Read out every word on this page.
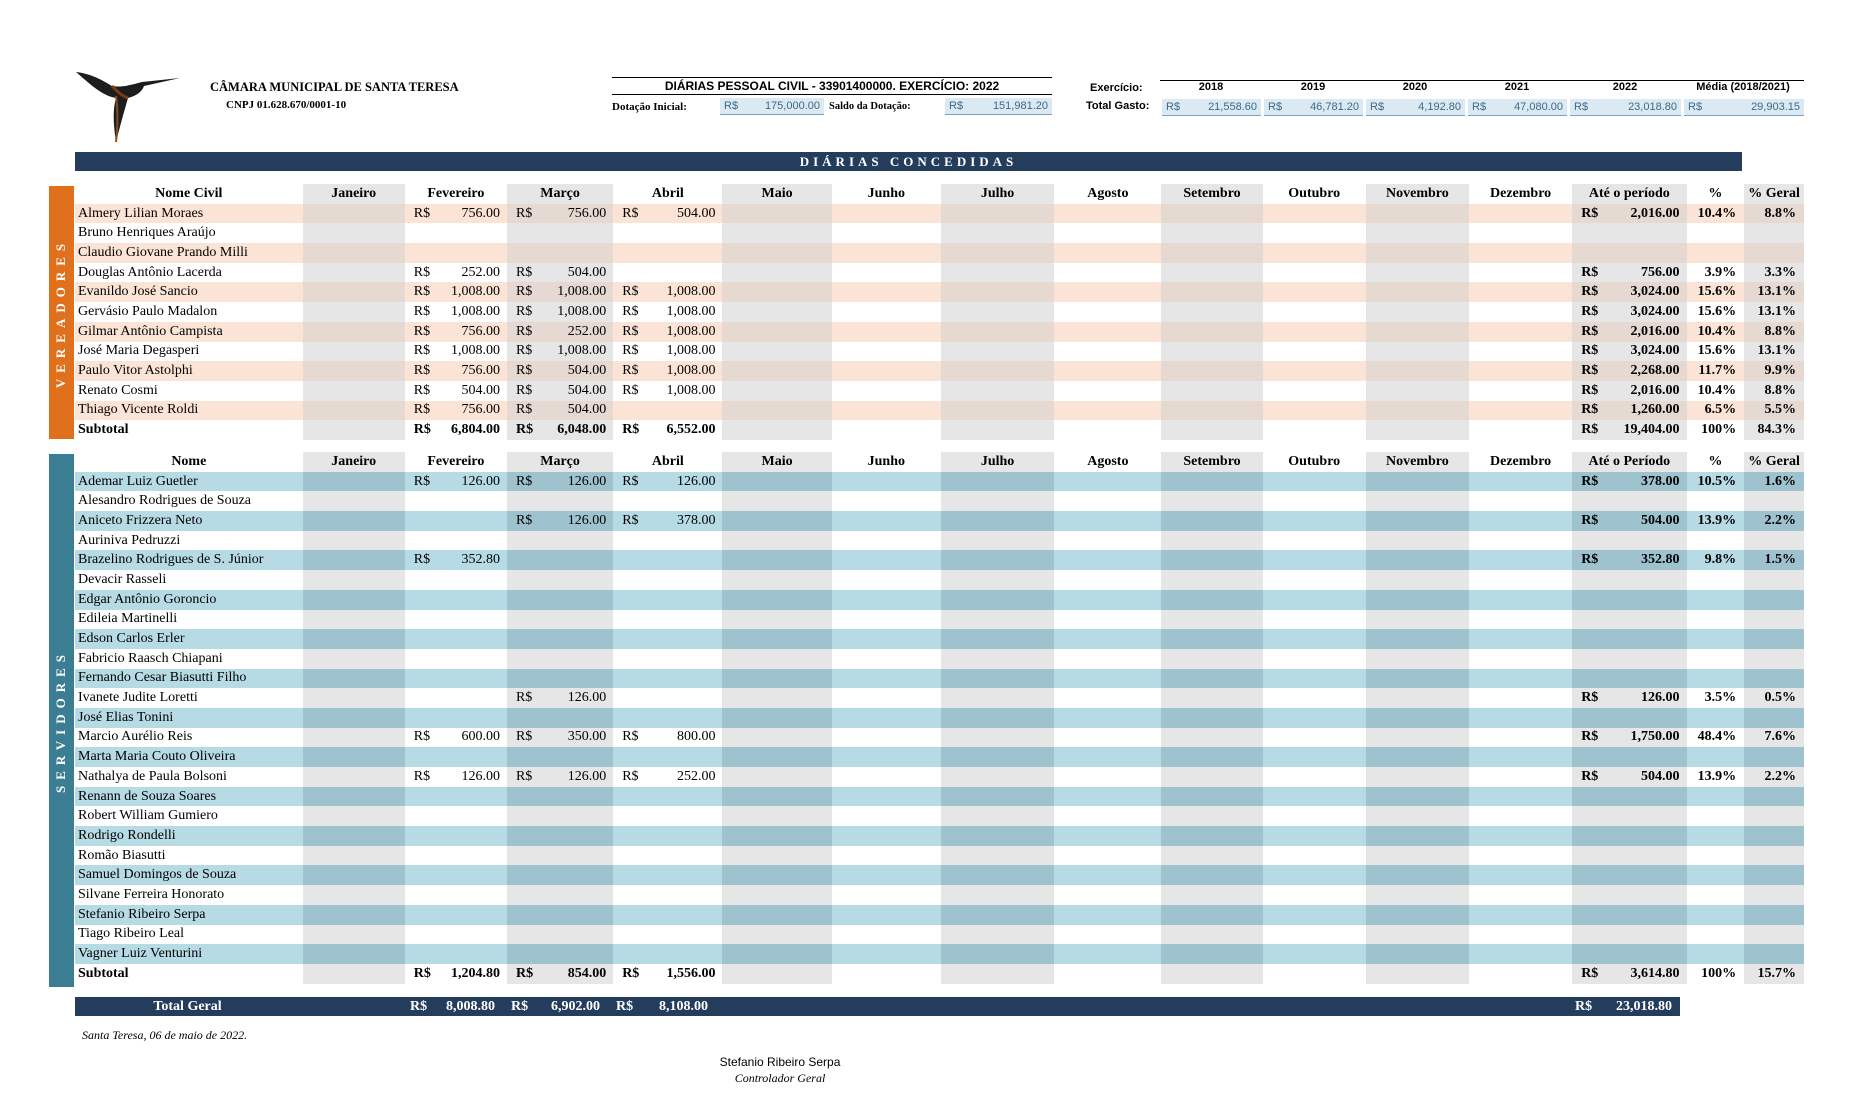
CÂMARA MUNICIPAL DE SANTA TERESA
CNPJ 01.628.670/0001-10
DIÁRIAS PESSOAL CIVIL - 33901400000. EXERCÍCIO: 2022
Dotação Inicial:	R$ 175,000.00 Saldo da Dotação:	R$	151,981.20
Exercício:
Total Gasto:
2018	2019	2020	2021	2022	Média (2018/2021)
R$	21,558.60 R$	46,781.20 R$	4,192.80 R$	47,080.00 R$	23,018.80 R$	29,903.15
DIÁRIAS CONCEDIDAS
VEREADORES
SERVIDORES
Nome Civil	Janeiro	Fevereiro	Março	Abril	Maio	Junho	Julho	Agosto	Setembro	Outubro	Novembro	Dezembro	Até o período	%	% Geral
Almery Lilian Moraes		R$ 756.00	R$ 756.00	R$ 504.00									R$ 2,016.00	10.4%	8.8%
Bruno Henriques Araújo															
Claudio Giovane Prando Milli															
Douglas Antônio Lacerda		R$ 252.00	R$ 504.00										R$ 756.00	3.9%	3.3%
Evanildo José Sancio		R$ 1,008.00	R$ 1,008.00	R$ 1,008.00									R$ 3,024.00	15.6%	13.1%
Gervásio Paulo Madalon		R$ 1,008.00	R$ 1,008.00	R$ 1,008.00									R$ 3,024.00	15.6%	13.1%
Gilmar Antônio Campista		R$ 756.00	R$ 252.00	R$ 1,008.00									R$ 2,016.00	10.4%	8.8%
José Maria Degasperi		R$ 1,008.00	R$ 1,008.00	R$ 1,008.00									R$ 3,024.00	15.6%	13.1%
Paulo Vitor Astolphi		R$ 756.00	R$ 504.00	R$ 1,008.00									R$ 2,268.00	11.7%	9.9%
Renato Cosmi		R$ 504.00	R$ 504.00	R$ 1,008.00									R$ 2,016.00	10.4%	8.8%
Thiago Vicente Roldi		R$ 756.00	R$ 504.00										R$ 1,260.00	6.5%	5.5%
Subtotal		R$ 6,804.00	R$ 6,048.00	R$ 6,552.00									R$ 19,404.00	100%	84.3%
Nome	Janeiro	Fevereiro	Março	Abril	Maio	Junho	Julho	Agosto	Setembro	Outubro	Novembro	Dezembro	Até o Período	%	% Geral
Ademar Luiz Guetler		R$ 126.00	R$ 126.00	R$ 126.00									R$ 378.00	10.5%	1.6%
Alesandro Rodrigues de Souza															
Aniceto Frizzera Neto			R$ 126.00	R$ 378.00									R$ 504.00	13.9%	2.2%
Auriniva Pedruzzi															
Brazelino Rodrigues de S. Júnior		R$ 352.80											R$ 352.80	9.8%	1.5%
Devacir Rasseli															
Edgar Antônio Goroncio															
Edileia Martinelli															
Edson Carlos Erler															
Fabricio Raasch Chiapani															
Fernando Cesar Biasutti Filho															
Ivanete Judite Loretti			R$ 126.00										R$ 126.00	3.5%	0.5%
José Elias Tonini															
Marcio Aurélio Reis		R$ 600.00	R$ 350.00	R$ 800.00									R$ 1,750.00	48.4%	7.6%
Marta Maria Couto Oliveira															
Nathalya de Paula Bolsoni		R$ 126.00	R$ 126.00	R$ 252.00									R$ 504.00	13.9%	2.2%
Renann de Souza Soares															
Robert William Gumiero															
Rodrigo Rondelli															
Romão Biasutti															
Samuel Domingos de Souza															
Silvane Ferreira Honorato															
Stefanio Ribeiro Serpa															
Tiago Ribeiro Leal															
Vagner Luiz Venturini															
Subtotal		R$ 1,204.80	R$ 854.00	R$ 1,556.00									R$ 3,614.80	100%	15.7%
Total Geral	R$ 8,008.80 R$ 6,902.00 R$ 8,108.00	R$ 23,018.80
Santa Teresa, 06 de maio de 2022.
Stefanio Ribeiro Serpa
Controlador Geral
